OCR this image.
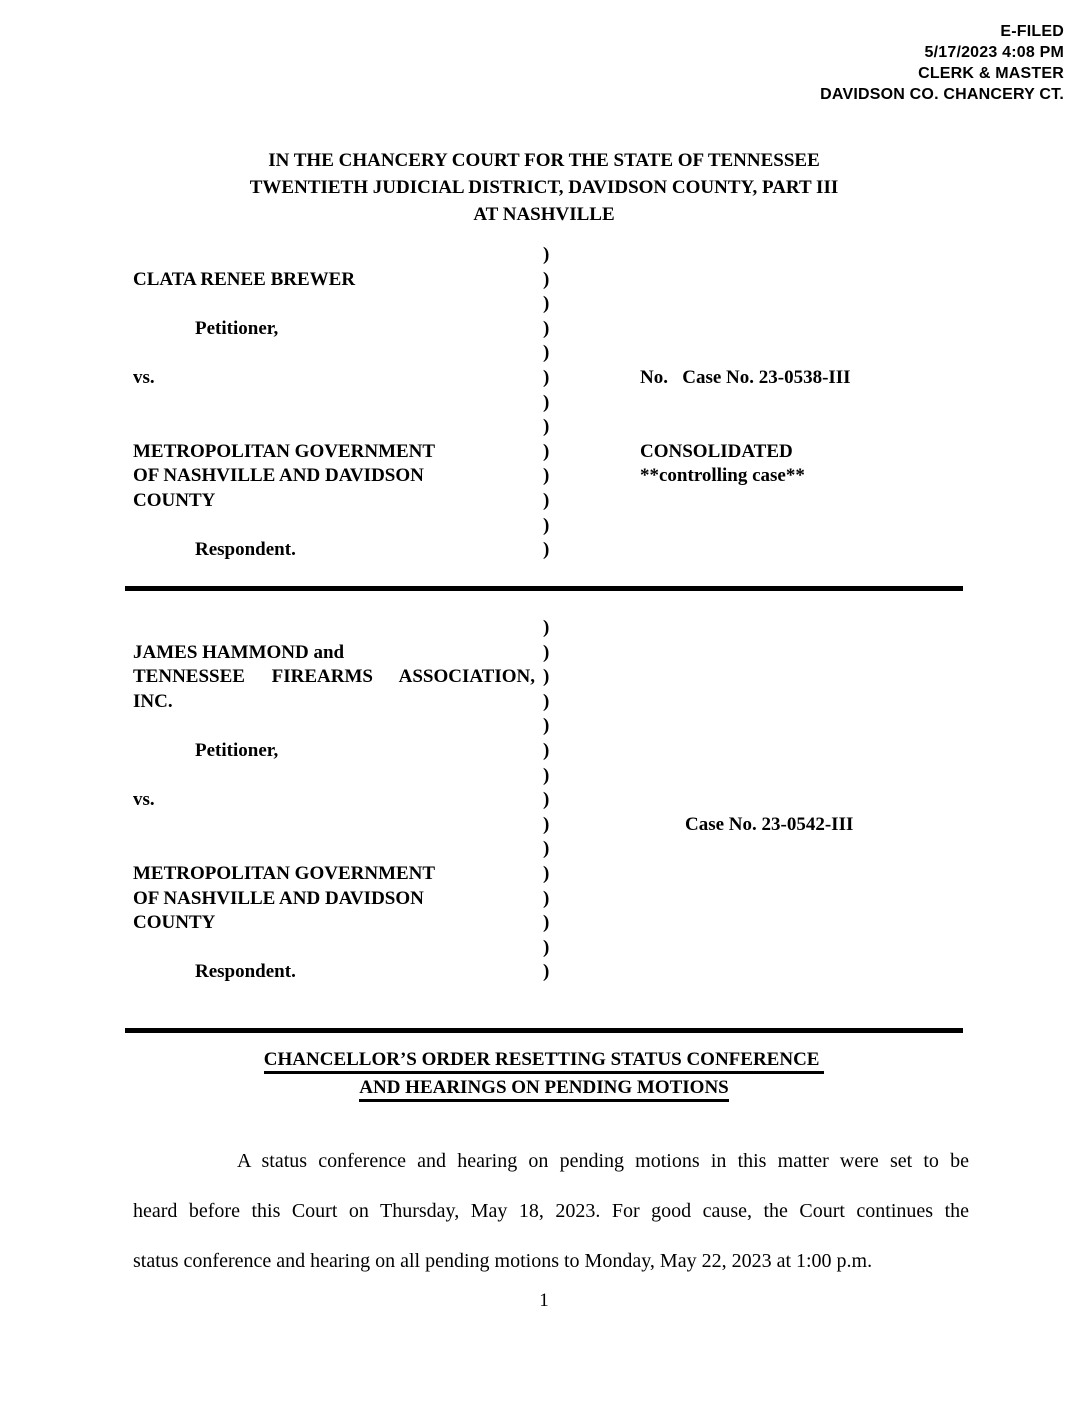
E-FILED
5/17/2023 4:08 PM
CLERK & MASTER
DAVIDSON CO. CHANCERY CT.
IN THE CHANCERY COURT FOR THE STATE OF TENNESSEE
TWENTIETH JUDICIAL DISTRICT, DAVIDSON COUNTY, PART III
AT NASHVILLE
)
CLATA RENEE BREWER	)
)
Petitioner,	)
)
vs.	)	No.   Case No. 23-0538-III
)
)
METROPOLITAN GOVERNMENT	)	CONSOLIDATED
OF NASHVILLE AND DAVIDSON	)	**controlling case**
COUNTY	)
)
Respondent.	)
)
JAMES HAMMOND and	)
TENNESSEE FIREARMS ASSOCIATION, )
INC.	)
)
Petitioner,	)
)
vs.	)
)	Case No. 23-0542-III
)
METROPOLITAN GOVERNMENT	)
OF NASHVILLE AND DAVIDSON	)
COUNTY	)
)
Respondent.	)
CHANCELLOR’S ORDER RESETTING STATUS CONFERENCE
AND HEARINGS ON PENDING MOTIONS
A status conference and hearing on pending motions in this matter were set to be
heard before this Court on Thursday, May 18, 2023. For good cause, the Court continues the
status conference and hearing on all pending motions to Monday, May 22, 2023 at 1:00 p.m.
1
